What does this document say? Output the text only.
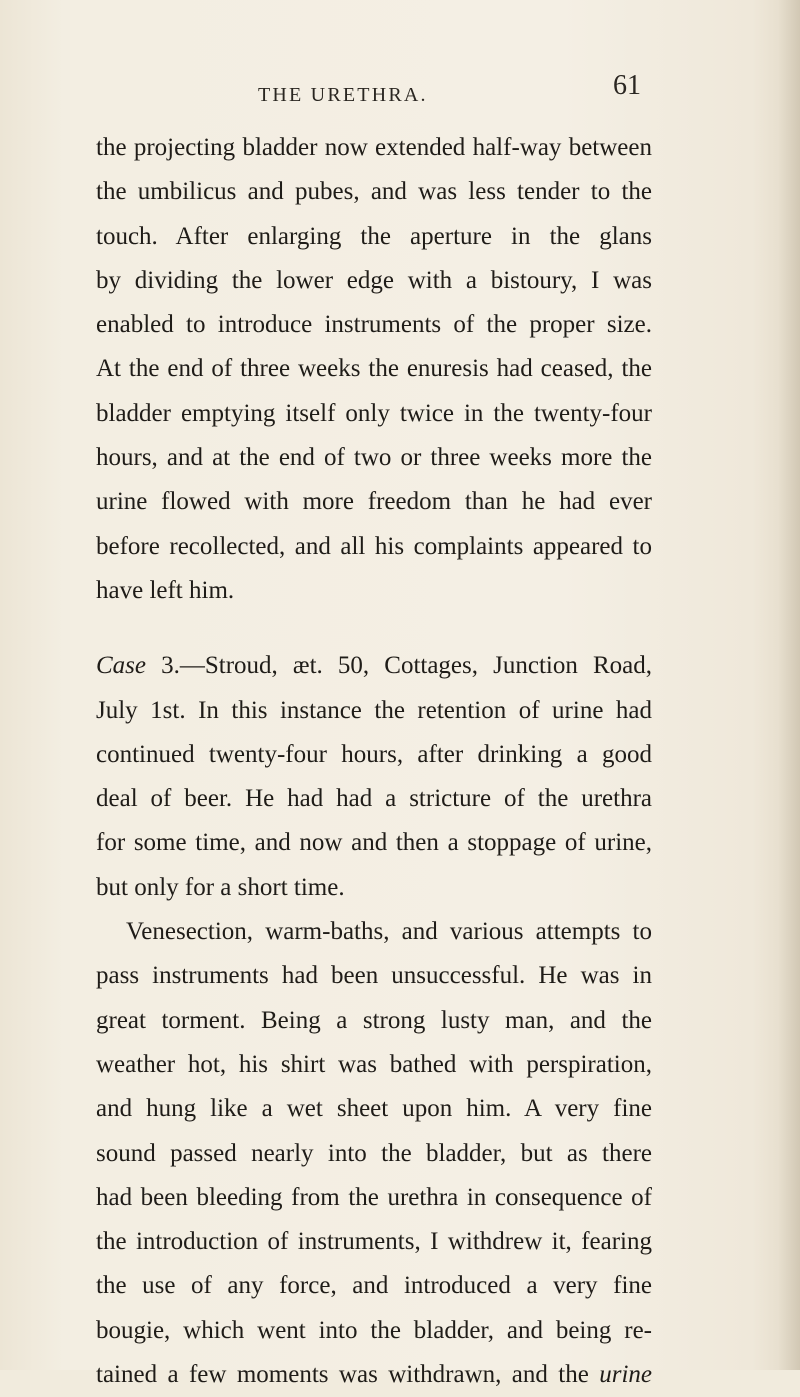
THE URETHRA.	61
the projecting bladder now extended half-way between
the umbilicus and pubes, and was less tender to the
touch. After enlarging the aperture in the glans
by dividing the lower edge with a bistoury, I was
enabled to introduce instruments of the proper size.
At the end of three weeks the enuresis had ceased, the
bladder emptying itself only twice in the twenty-four
hours, and at the end of two or three weeks more the
urine flowed with more freedom than he had ever
before recollected, and all his complaints appeared to
have left him.
Case 3.—Stroud, æt. 50, Cottages, Junction Road,
July 1st. In this instance the retention of urine had
continued twenty-four hours, after drinking a good
deal of beer. He had had a stricture of the urethra
for some time, and now and then a stoppage of urine,
but only for a short time.
Venesection, warm-baths, and various attempts to
pass instruments had been unsuccessful. He was in
great torment. Being a strong lusty man, and the
weather hot, his shirt was bathed with perspiration,
and hung like a wet sheet upon him. A very fine
sound passed nearly into the bladder, but as there
had been bleeding from the urethra in consequence of
the introduction of instruments, I withdrew it, fearing
the use of any force, and introduced a very fine
bougie, which went into the bladder, and being re-
tained a few moments was withdrawn, and the urine
